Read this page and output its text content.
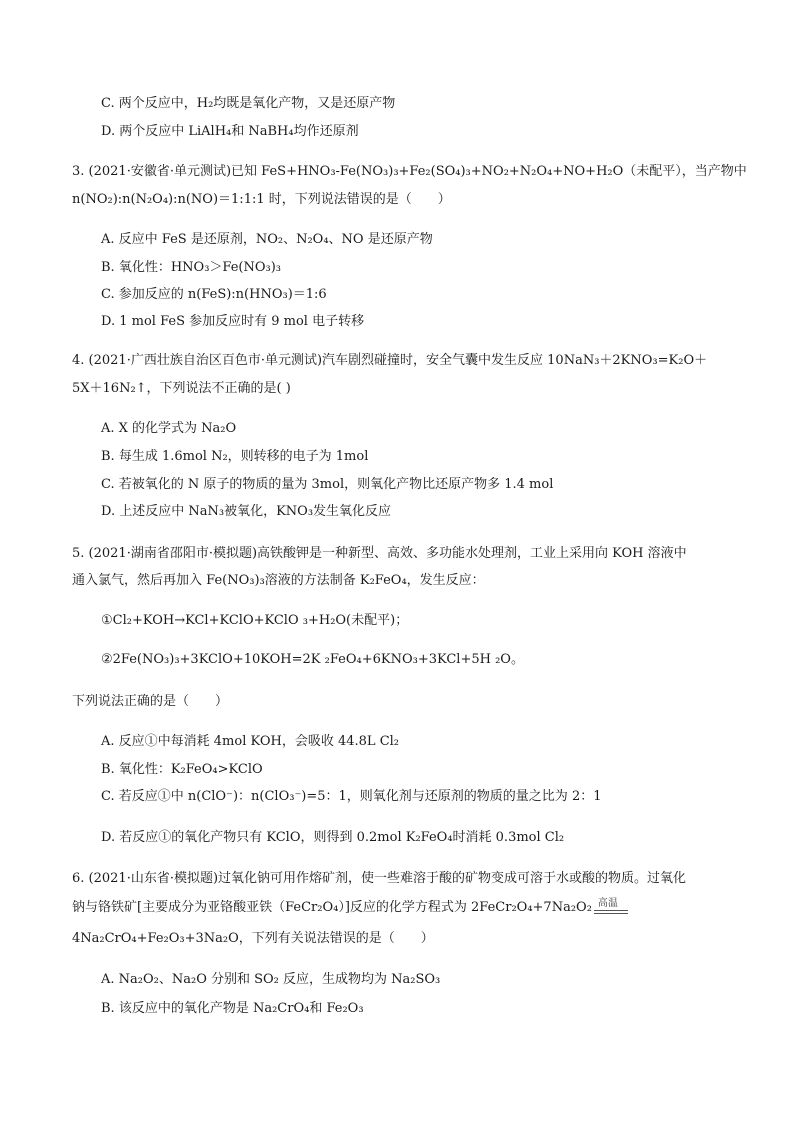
C. 两个反应中，H₂均既是氧化产物，又是还原产物
D. 两个反应中 LiAlH₄和 NaBH₄均作还原剂
3. (2021·安徽省·单元测试)已知 FeS+HNO₃-Fe(NO₃)₃+Fe₂(SO₄)₃+NO₂+N₂O₄+NO+H₂O（未配平），当产物中
n(NO₂):n(N₂O₄):n(NO)＝1:1:1 时，下列说法错误的是（　　）
A. 反应中 FeS 是还原剂，NO₂、N₂O₄、NO 是还原产物
B. 氧化性：HNO₃＞Fe(NO₃)₃
C. 参加反应的 n(FeS):n(HNO₃)＝1:6
D. 1 mol FeS 参加反应时有 9 mol 电子转移
4. (2021·广西壮族自治区百色市·单元测试)汽车剧烈碰撞时，安全气囊中发生反应 10NaN₃＋2KNO₃=K₂O＋
5X＋16N₂↑，下列说法不正确的是( )
A. X 的化学式为 Na₂O
B. 每生成 1.6mol N₂，则转移的电子为 1mol
C. 若被氧化的 N 原子的物质的量为 3mol，则氧化产物比还原产物多 1.4 mol
D. 上述反应中 NaN₃被氧化，KNO₃发生氧化反应
5. (2021·湖南省邵阳市·模拟题)高铁酸钾是一种新型、高效、多功能水处理剂，工业上采用向 KOH 溶液中
通入氯气，然后再加入 Fe(NO₃)₃溶液的方法制备 K₂FeO₄，发生反应：
①Cl₂+KOH→KCl+KClO+KClO ₃+H₂O(未配平)；
②2Fe(NO₃)₃+3KClO+10KOH=2K ₂FeO₄+6KNO₃+3KCl+5H ₂O。
下列说法正确的是（　　）
A. 反应①中每消耗 4mol KOH，会吸收 44.8L Cl₂
B. 氧化性：K₂FeO₄>KClO
C. 若反应①中 n(ClO⁻)：n(ClO₃⁻)=5：1，则氧化剂与还原剂的物质的量之比为 2：1
D. 若反应①的氧化产物只有 KClO，则得到 0.2mol K₂FeO₄时消耗 0.3mol Cl₂
6. (2021·山东省·模拟题)过氧化钠可用作熔矿剂，使一些难溶于酸的矿物变成可溶于水或酸的物质。过氧化
钠与铬铁矿[主要成分为亚铬酸亚铁（FeCr₂O₄）]反应的化学方程式为 2FeCr₂O₄+7Na₂O₂ 高温
4Na₂CrO₄+Fe₂O₃+3Na₂O，下列有关说法错误的是（　　）
A. Na₂O₂、Na₂O 分别和 SO₂ 反应，生成物均为 Na₂SO₃
B. 该反应中的氧化产物是 Na₂CrO₄和 Fe₂O₃
